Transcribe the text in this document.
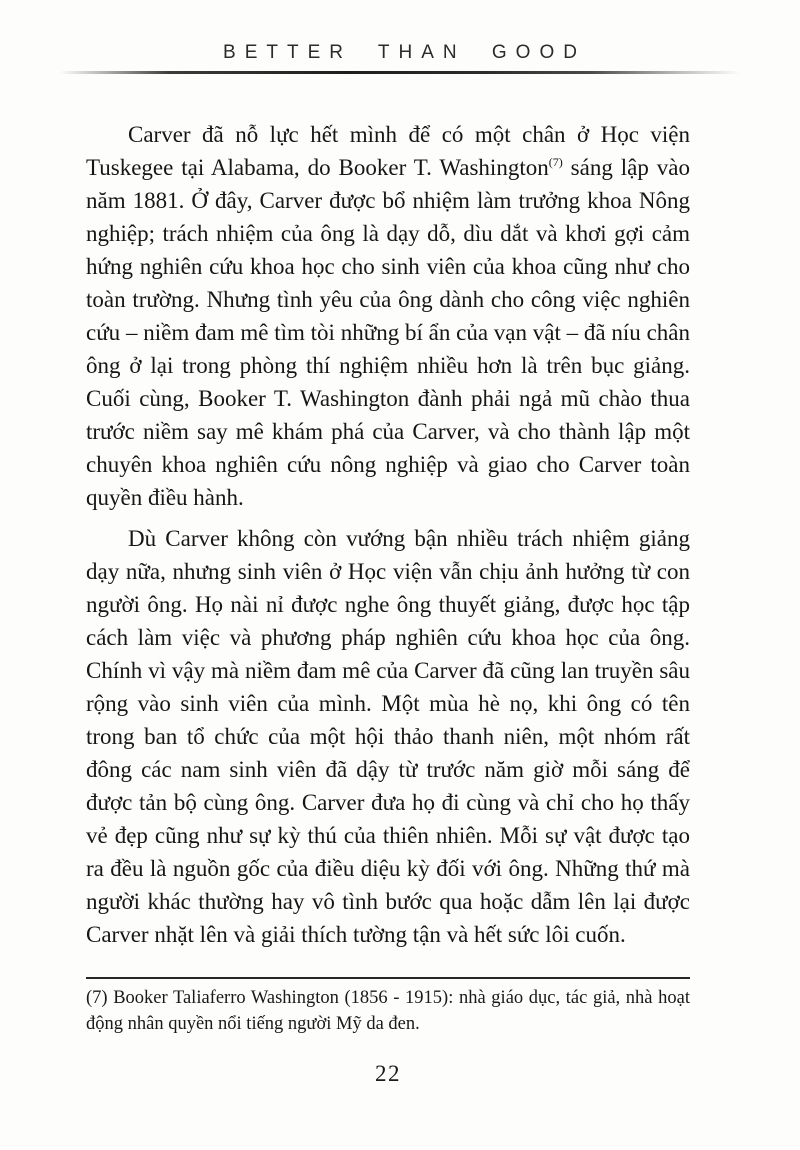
BETTER THAN GOOD

Carver đã nỗ lực hết mình để có một chân ở Học viện Tuskegee tại Alabama, do Booker T. Washington$^{(7)}$ sáng lập vào năm 1881. Ở đây, Carver được bổ nhiệm làm trưởng khoa Nông nghiệp; trách nhiệm của ông là dạy dỗ, dìu dắt và khơi gợi cảm hứng nghiên cứu khoa học cho sinh viên của khoa cũng như cho toàn trường. Nhưng tình yêu của ông dành cho công việc nghiên cứu – niềm đam mê tìm tòi những bí ẩn của vạn vật – đã níu chân ông ở lại trong phòng thí nghiệm nhiều hơn là trên bục giảng. Cuối cùng, Booker T. Washington đành phải ngả mũ chào thua trước niềm say mê khám phá của Carver, và cho thành lập một chuyên khoa nghiên cứu nông nghiệp và giao cho Carver toàn quyền điều hành.

Dù Carver không còn vướng bận nhiều trách nhiệm giảng dạy nữa, nhưng sinh viên ở Học viện vẫn chịu ảnh hưởng từ con người ông. Họ nài nỉ được nghe ông thuyết giảng, được học tập cách làm việc và phương pháp nghiên cứu khoa học của ông. Chính vì vậy mà niềm đam mê của Carver đã cũng lan truyền sâu rộng vào sinh viên của mình. Một mùa hè nọ, khi ông có tên trong ban tổ chức của một hội thảo thanh niên, một nhóm rất đông các nam sinh viên đã dậy từ trước năm giờ mỗi sáng để được tản bộ cùng ông. Carver đưa họ đi cùng và chỉ cho họ thấy vẻ đẹp cũng như sự kỳ thú của thiên nhiên. Mỗi sự vật được tạo ra đều là nguồn gốc của điều diệu kỳ đối với ông. Những thứ mà người khác thường hay vô tình bước qua hoặc dẫm lên lại được Carver nhặt lên và giải thích tường tận và hết sức lôi cuốn.

(7) Booker Taliaferro Washington (1856 - 1915): nhà giáo dục, tác giả, nhà hoạt động nhân quyền nổi tiếng người Mỹ da đen.
22
